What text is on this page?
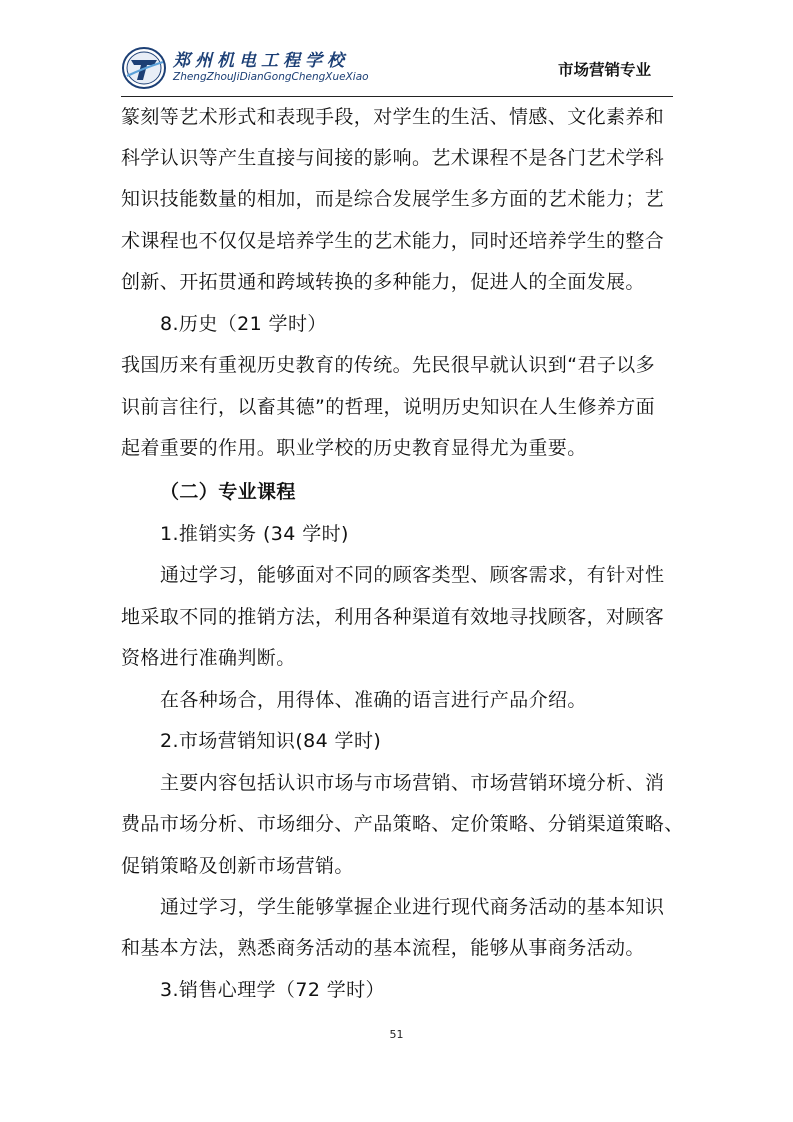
郑州机电工程学校
ZhengZhouJiDianGongChengXueXiao	市场营销专业
篆刻等艺术形式和表现手段，对学生的生活、情感、文化素养和
科学认识等产生直接与间接的影响。艺术课程不是各门艺术学科
知识技能数量的相加，而是综合发展学生多方面的艺术能力；艺
术课程也不仅仅是培养学生的艺术能力，同时还培养学生的整合
创新、开拓贯通和跨域转换的多种能力，促进人的全面发展。
8.历史（21 学时）
我国历来有重视历史教育的传统。先民很早就认识到“君子以多
识前言往行，以畜其德”的哲理，说明历史知识在人生修养方面
起着重要的作用。职业学校的历史教育显得尤为重要。
（二）专业课程
1.推销实务 (34 学时)
通过学习，能够面对不同的顾客类型、顾客需求，有针对性
地采取不同的推销方法，利用各种渠道有效地寻找顾客，对顾客
资格进行准确判断。
在各种场合，用得体、准确的语言进行产品介绍。
2.市场营销知识(84 学时)
主要内容包括认识市场与市场营销、市场营销环境分析、消
费品市场分析、市场细分、产品策略、定价策略、分销渠道策略、
促销策略及创新市场营销。
通过学习，学生能够掌握企业进行现代商务活动的基本知识
和基本方法，熟悉商务活动的基本流程，能够从事商务活动。
3.销售心理学（72 学时）
51
